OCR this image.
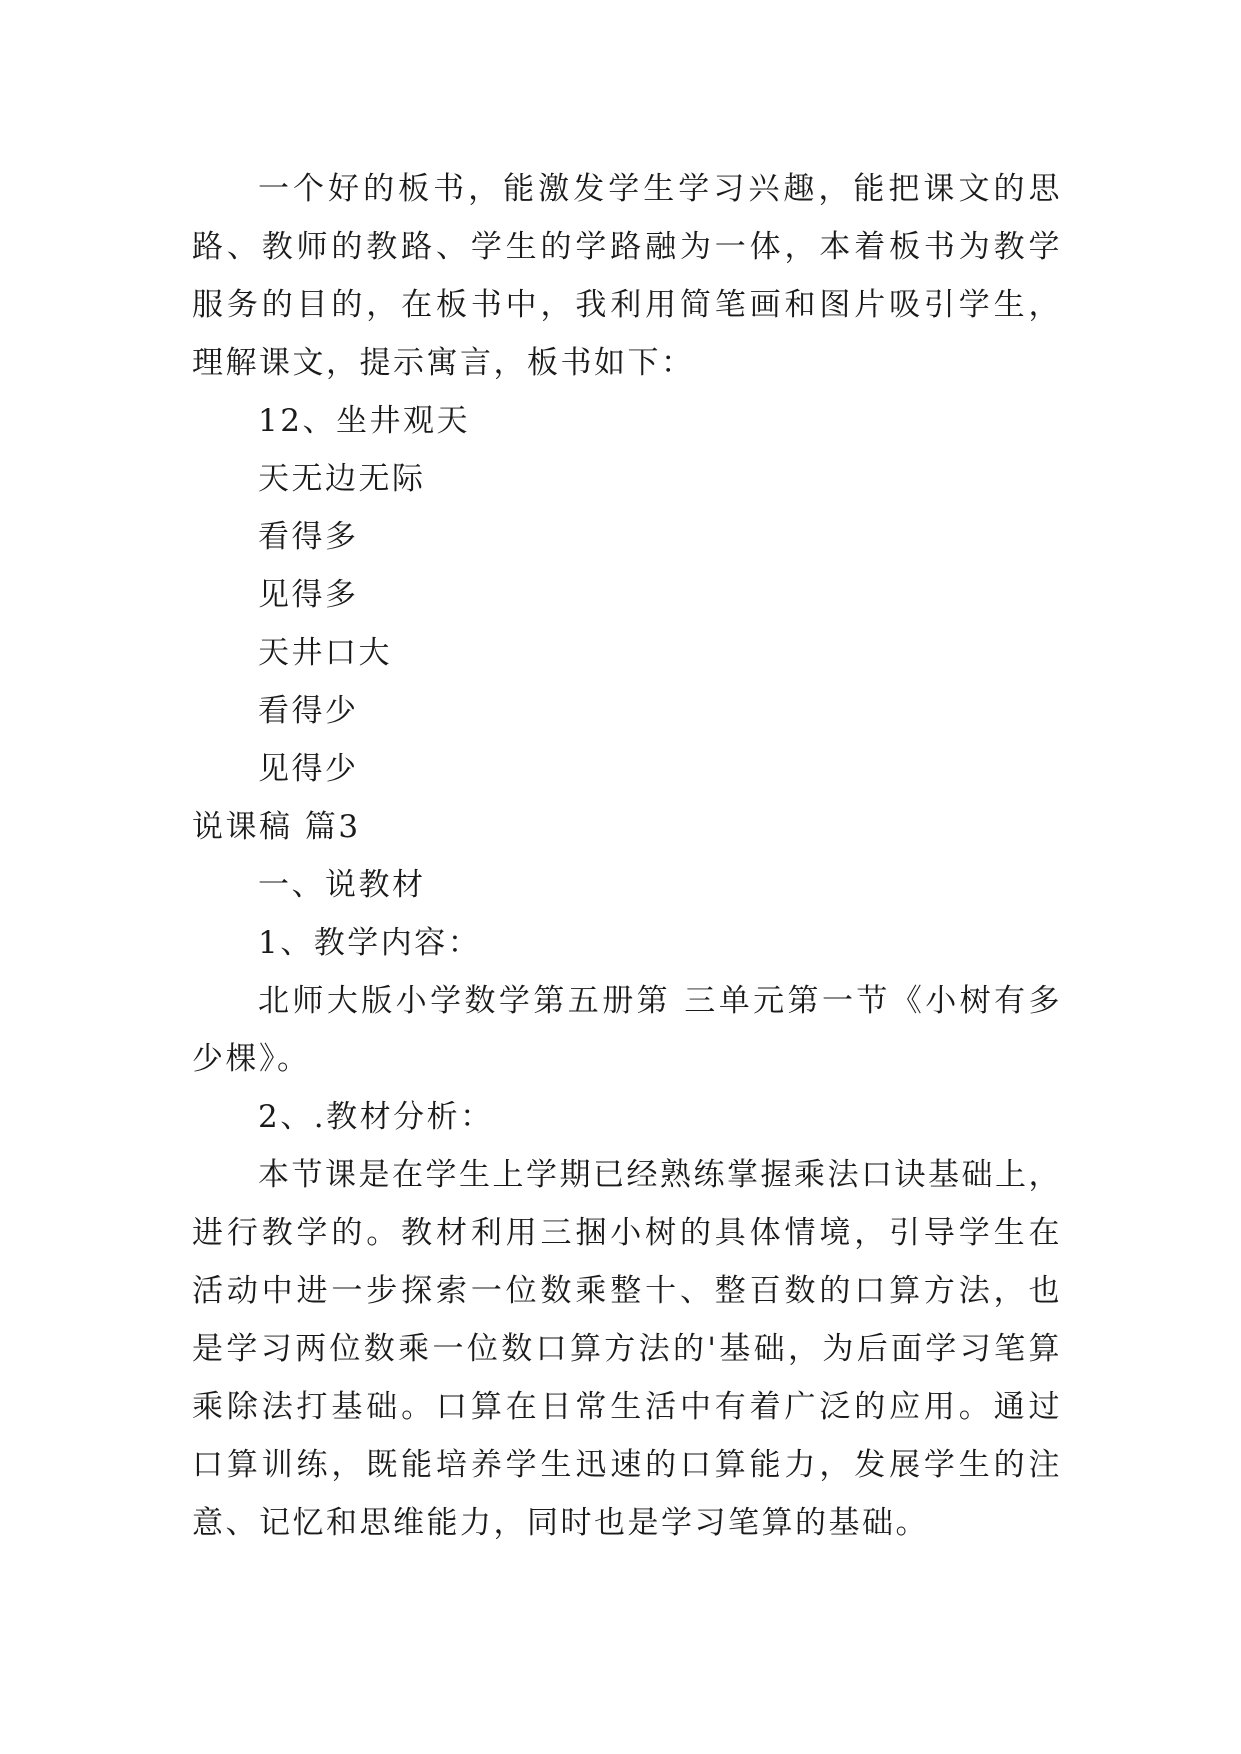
一个好的板书，能激发学生学习兴趣，能把课文的思路、教师的教路、学生的学路融为一体，本着板书为教学服务的目的，在板书中，我利用简笔画和图片吸引学生，理解课文，提示寓言，板书如下：

12、坐井观天

天无边无际

看得多

见得多

天井口大

看得少

见得少

说课稿 篇3

一、说教材

1、教学内容：

北师大版小学数学第五册第 三单元第一节《小树有多少棵》。

2、.教材分析：

本节课是在学生上学期已经熟练掌握乘法口诀基础上，进行教学的。教材利用三捆小树的具体情境，引导学生在活动中进一步探索一位数乘整十、整百数的口算方法，也是学习两位数乘一位数口算方法的'基础，为后面学习笔算乘除法打基础。口算在日常生活中有着广泛的应用。通过口算训练，既能培养学生迅速的口算能力，发展学生的注意、记忆和思维能力，同时也是学习笔算的基础。
